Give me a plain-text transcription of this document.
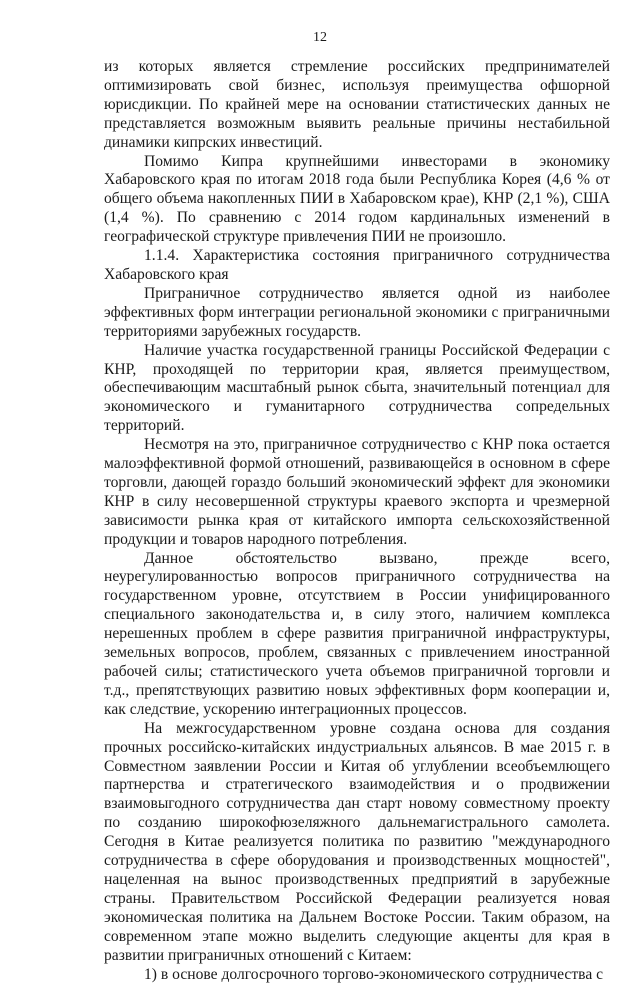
12

из которых является стремление российских предпринимателей оптимизировать свой бизнес, используя преимущества офшорной юрисдикции. По крайней мере на основании статистических данных не представляется возможным выявить реальные причины нестабильной динамики кипрских инвестиций.

Помимо Кипра крупнейшими инвесторами в экономику Хабаровского края по итогам 2018 года были Республика Корея (4,6 % от общего объема накопленных ПИИ в Хабаровском крае), КНР (2,1 %), США (1,4 %). По сравнению с 2014 годом кардинальных изменений в географической структуре привлечения ПИИ не произошло.

1.1.4. Характеристика состояния приграничного сотрудничества Хабаровского края

Приграничное сотрудничество является одной из наиболее эффективных форм интеграции региональной экономики с приграничными территориями зарубежных государств.

Наличие участка государственной границы Российской Федерации с КНР, проходящей по территории края, является преимуществом, обеспечивающим масштабный рынок сбыта, значительный потенциал для экономического и гуманитарного сотрудничества сопредельных территорий.

Несмотря на это, приграничное сотрудничество с КНР пока остается малоэффективной формой отношений, развивающейся в основном в сфере торговли, дающей гораздо больший экономический эффект для экономики КНР в силу несовершенной структуры краевого экспорта и чрезмерной зависимости рынка края от китайского импорта сельскохозяйственной продукции и товаров народного потребления.

Данное обстоятельство вызвано, прежде всего, неурегулированностью вопросов приграничного сотрудничества на государственном уровне, отсутствием в России унифицированного специального законодательства и, в силу этого, наличием комплекса нерешенных проблем в сфере развития приграничной инфраструктуры, земельных вопросов, проблем, связанных с привлечением иностранной рабочей силы; статистического учета объемов приграничной торговли и т.д., препятствующих развитию новых эффективных форм кооперации и, как следствие, ускорению интеграционных процессов.

На межгосударственном уровне создана основа для создания прочных российско-китайских индустриальных альянсов. В мае 2015 г. в Совместном заявлении России и Китая об углублении всеобъемлющего партнерства и стратегического взаимодействия и о продвижении взаимовыгодного сотрудничества дан старт новому совместному проекту по созданию широкофюзеляжного дальнемагистрального самолета. Сегодня в Китае реализуется политика по развитию "международного сотрудничества в сфере оборудования и производственных мощностей", нацеленная на вынос производственных предприятий в зарубежные страны. Правительством Российской Федерации реализуется новая экономическая политика на Дальнем Востоке России. Таким образом, на современном этапе можно выделить следующие акценты для края в развитии приграничных отношений с Китаем:

1) в основе долгосрочного торгово-экономического сотрудничества с
